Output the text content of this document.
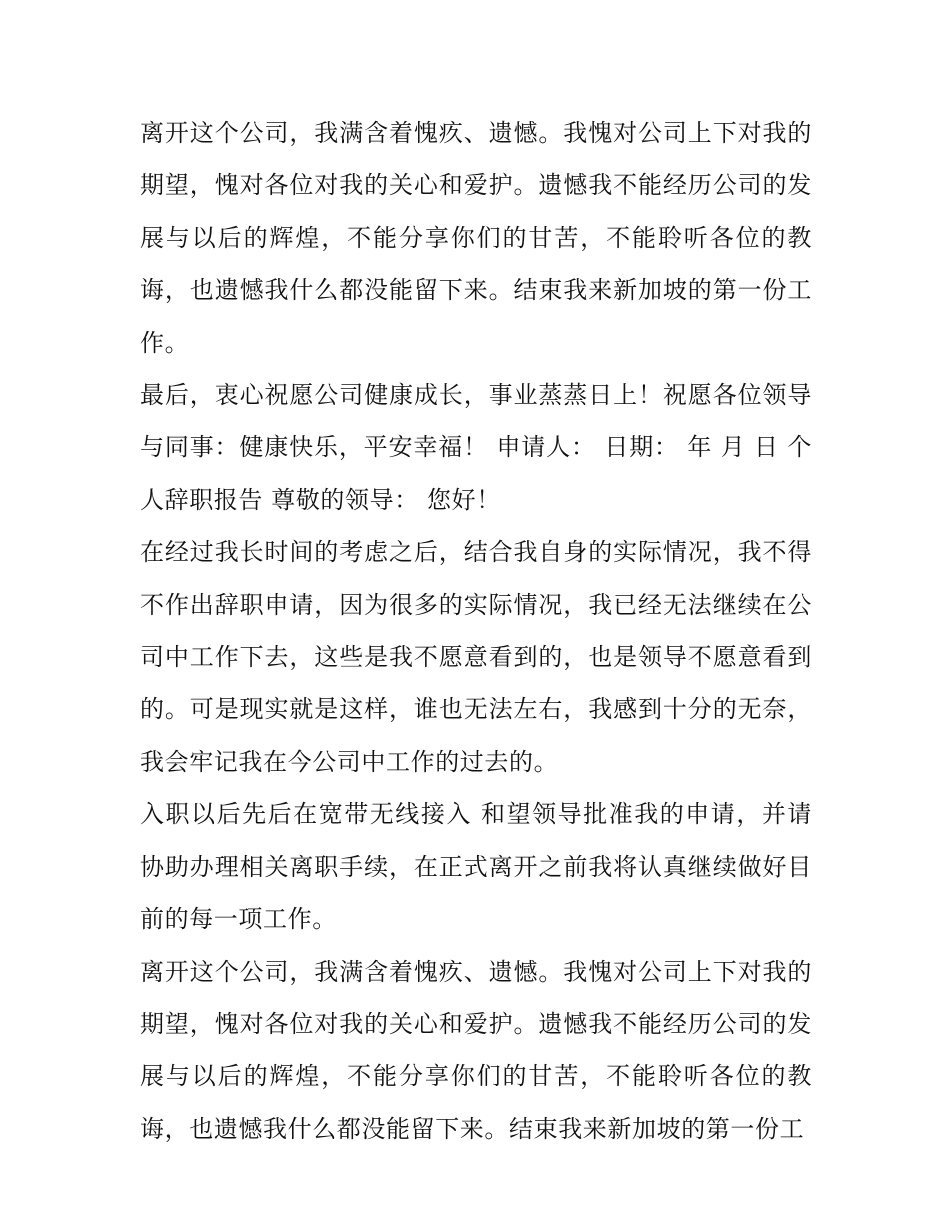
离开这个公司，我满含着愧疚、遗憾。我愧对公司上下对我的期望，愧对各位对我的关心和爱护。遗憾我不能经历公司的发展与以后的辉煌，不能分享你们的甘苦，不能聆听各位的教诲，也遗憾我什么都没能留下来。结束我来新加坡的第一份工作。

最后，衷心祝愿公司健康成长，事业蒸蒸日上！祝愿各位领导与同事：健康快乐，平安幸福！ 申请人： 日期： 年 月 日 个人辞职报告 尊敬的领导： 您好！

在经过我长时间的考虑之后，结合我自身的实际情况，我不得不作出辞职申请，因为很多的实际情况，我已经无法继续在公司中工作下去，这些是我不愿意看到的，也是领导不愿意看到的。可是现实就是这样，谁也无法左右，我感到十分的无奈，我会牢记我在今公司中工作的过去的。

入职以后先后在宽带无线接入 和望领导批准我的申请，并请协助办理相关离职手续，在正式离开之前我将认真继续做好目前的每一项工作。

离开这个公司，我满含着愧疚、遗憾。我愧对公司上下对我的期望，愧对各位对我的关心和爱护。遗憾我不能经历公司的发展与以后的辉煌，不能分享你们的甘苦，不能聆听各位的教诲，也遗憾我什么都没能留下来。结束我来新加坡的第一份工
